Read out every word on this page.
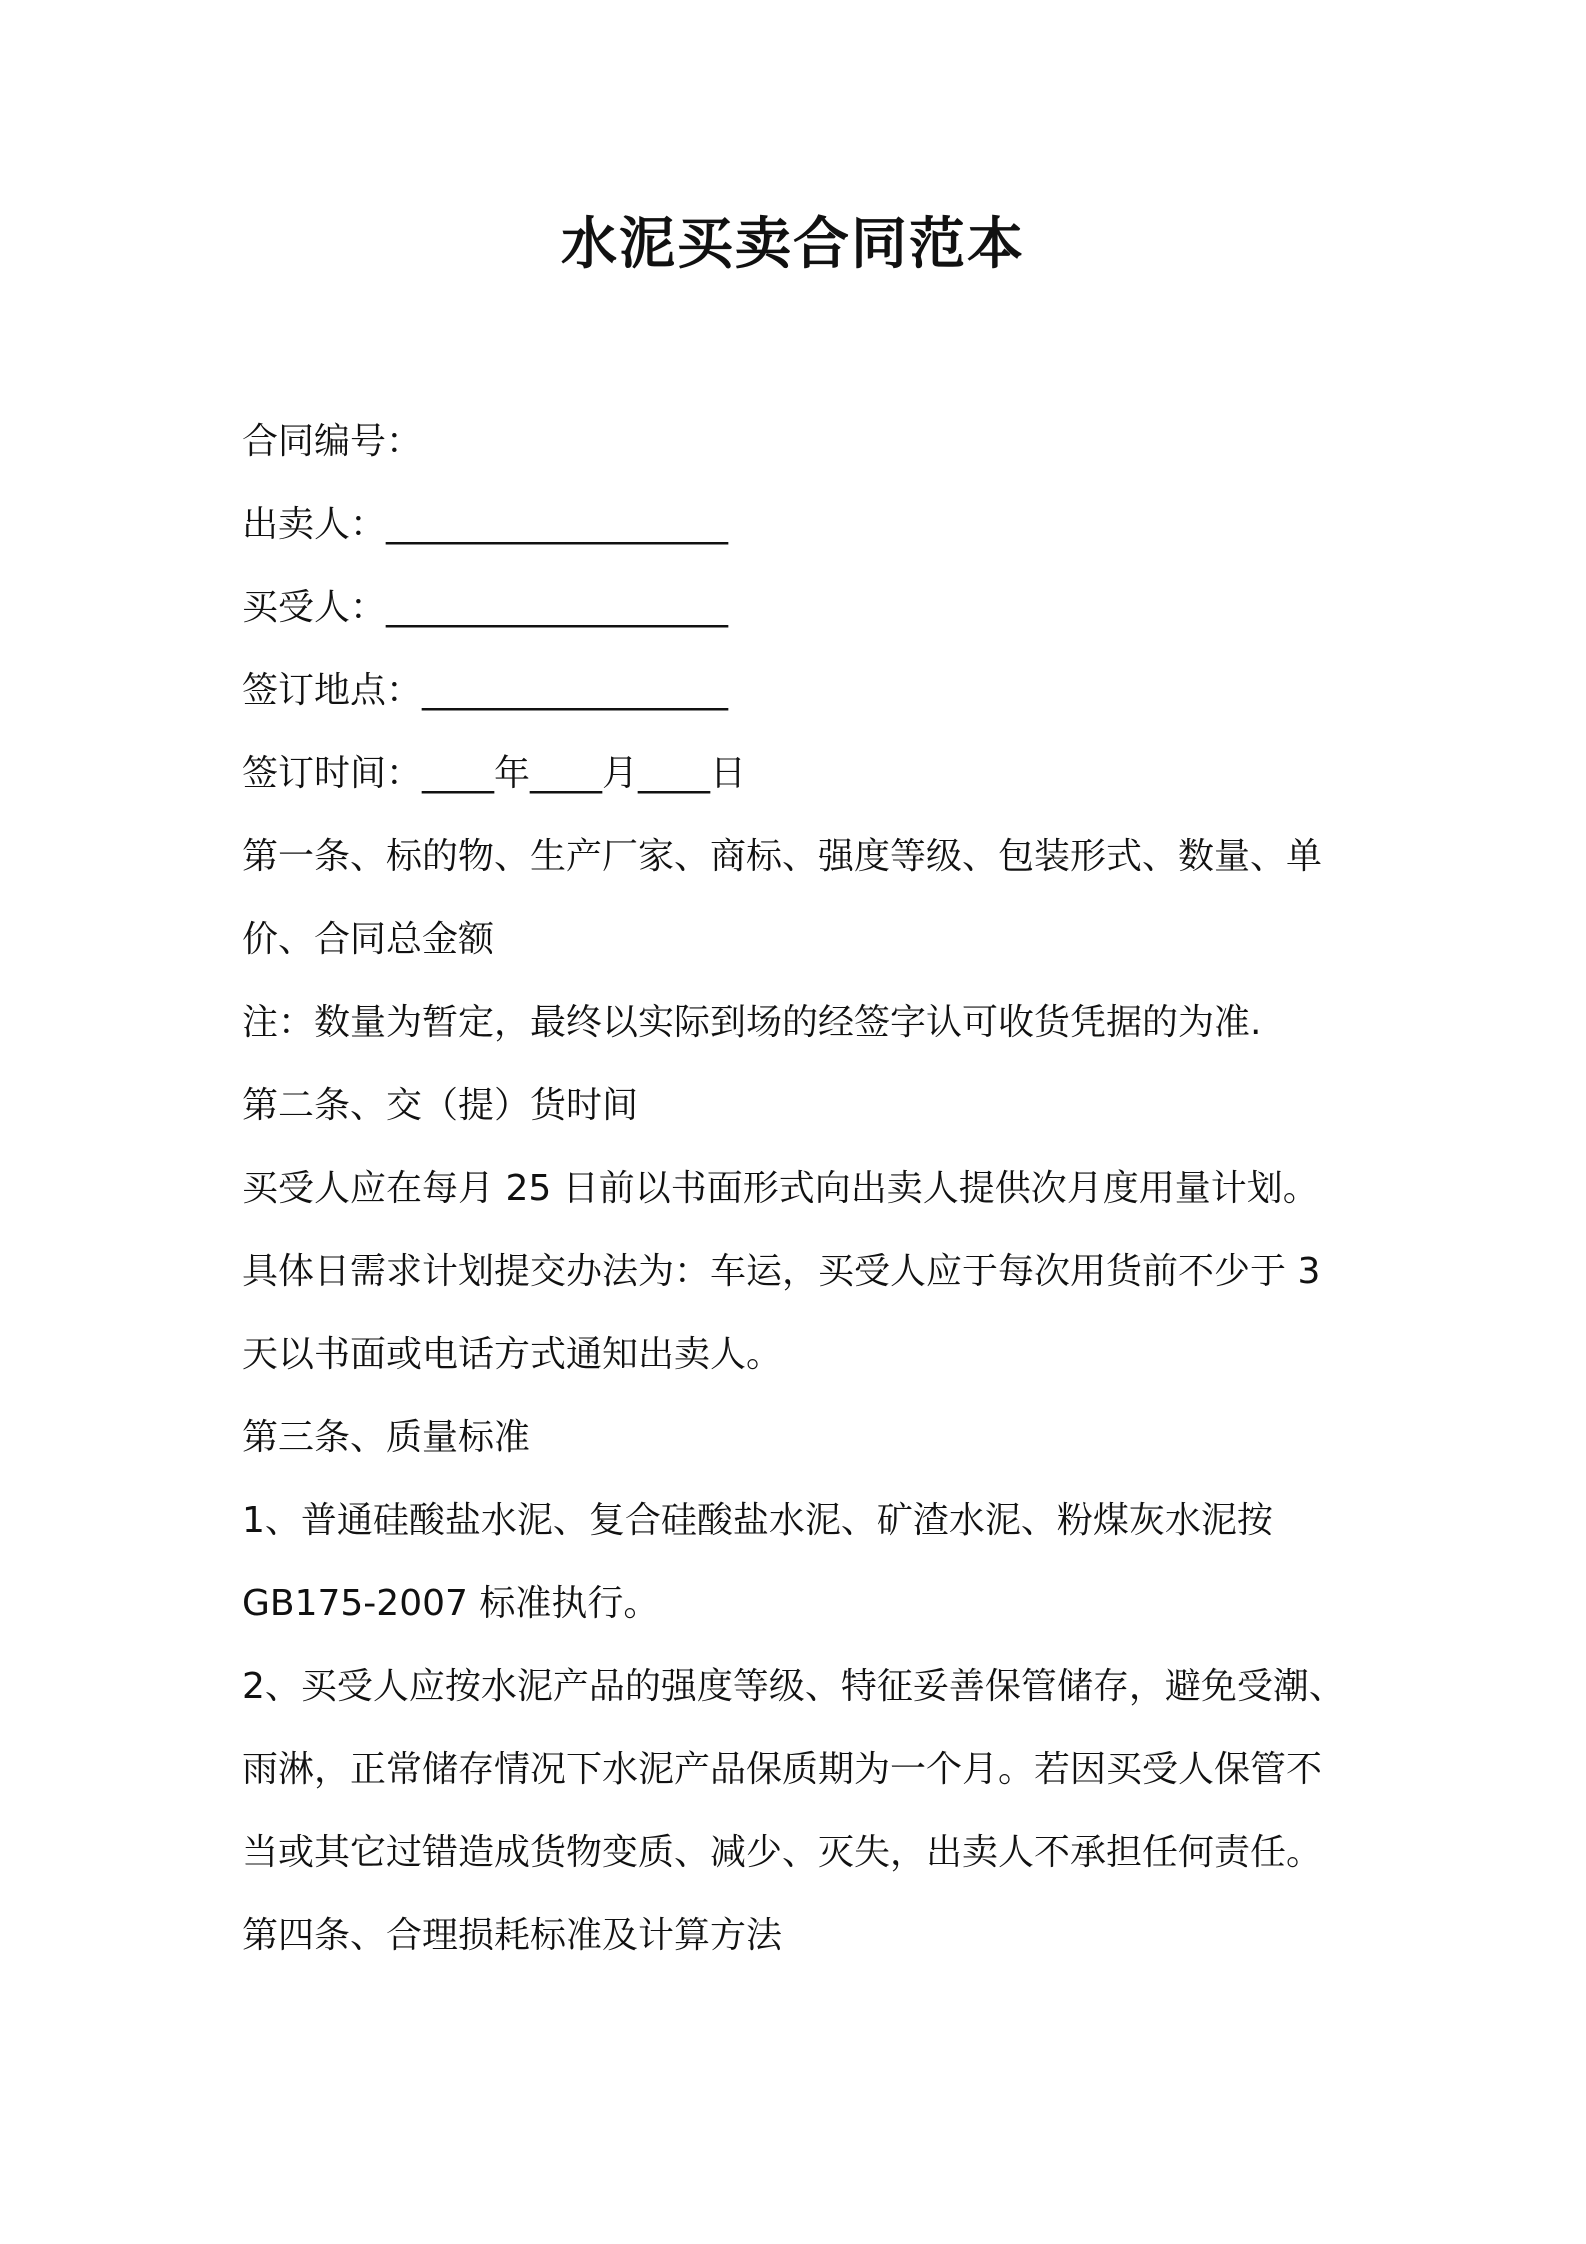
水泥买卖合同范本
合同编号：
出卖人：___________________
买受人：___________________
签订地点：_________________
签订时间：____年____月____日
第一条、标的物、生产厂家、商标、强度等级、包装形式、数量、单
价、合同总金额
注：数量为暂定，最终以实际到场的经签字认可收货凭据的为准.
第二条、交（提）货时间
买受人应在每月 25 日前以书面形式向出卖人提供次月度用量计划。
具体日需求计划提交办法为：车运，买受人应于每次用货前不少于 3
天以书面或电话方式通知出卖人。
第三条、质量标准
1、普通硅酸盐水泥、复合硅酸盐水泥、矿渣水泥、粉煤灰水泥按
GB175-2007 标准执行。
2、买受人应按水泥产品的强度等级、特征妥善保管储存，避免受潮、
雨淋，正常储存情况下水泥产品保质期为一个月。若因买受人保管不
当或其它过错造成货物变质、减少、灭失，出卖人不承担任何责任。
第四条、合理损耗标准及计算方法
